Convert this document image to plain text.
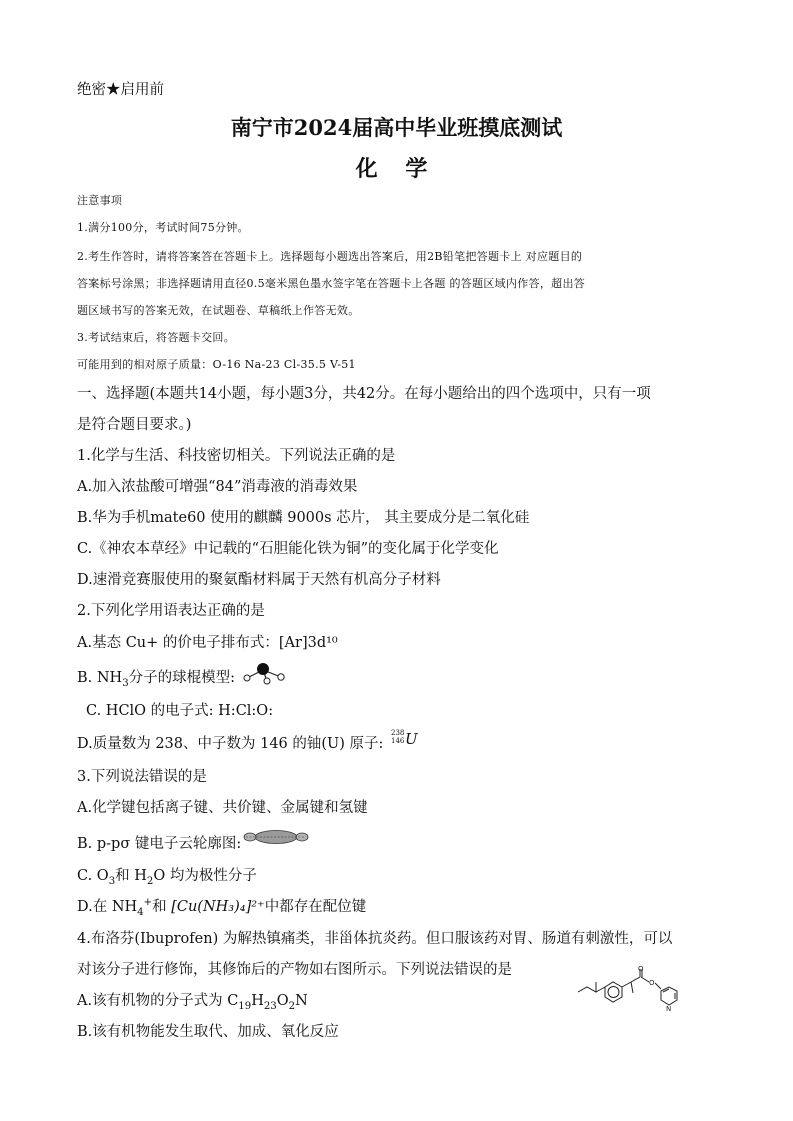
绝密★启用前
南宁市2024届高中毕业班摸底测试
化 学
注意事项
1.满分100分，考试时间75分钟。
2.考生作答时，请将答案答在答题卡上。选择题每小题选出答案后，用2B铅笔把答题卡上 对应题目的
答案标号涂黑；非选择题请用直径0.5毫米黑色墨水签字笔在答题卡上各题 的答题区域内作答，超出答
题区域书写的答案无效，在试题卷、草稿纸上作答无效。
3.考试结束后，将答题卡交回。
可能用到的相对原子质量：O-16 Na-23 Cl-35.5 V-51
一、选择题(本题共14小题，每小题3分，共42分。在每小题给出的四个选项中，只有一项
是符合题目要求。)
1.化学与生活、科技密切相关。下列说法正确的是
A.加入浓盐酸可增强“84”消毒液的消毒效果
B.华为手机mate60 使用的麒麟 9000s 芯片， 其主要成分是二氧化硅
C.《神农本草经》中记载的“石胆能化铁为铜”的变化属于化学变化
D.速滑竞赛服使用的聚氨酯材料属于天然有机高分子材料
2.下列化学用语表达正确的是
A.基态 Cu+ 的价电子排布式：[Ar]3d¹⁰
B. $NH_3$分子的球棍模型:
C. HClO 的电子式: H:Cl:O:
D.质量数为 238、中子数为 146 的铀(U) 原子:
238
146 U
3.下列说法错误的是
A.化学键包括离子键、共价键、金属键和氢键
B. p-pσ 键电子云轮廓图:
C. $O_3$和 $H_2O$ 均为极性分子
D.在 $NH_4^+$和 [Cu(NH₃)₄]²⁺中都存在配位键
4.布洛芬(Ibuprofen) 为解热镇痛类，非甾体抗炎药。但口服该药对胃、肠道有刺激性，可以
对该分子进行修饰，其修饰后的产物如右图所示。下列说法错误的是
A.该有机物的分子式为 $C_{19}H_{23}O_2N$
B.该有机物能发生取代、加成、氧化反应
O
O
N
